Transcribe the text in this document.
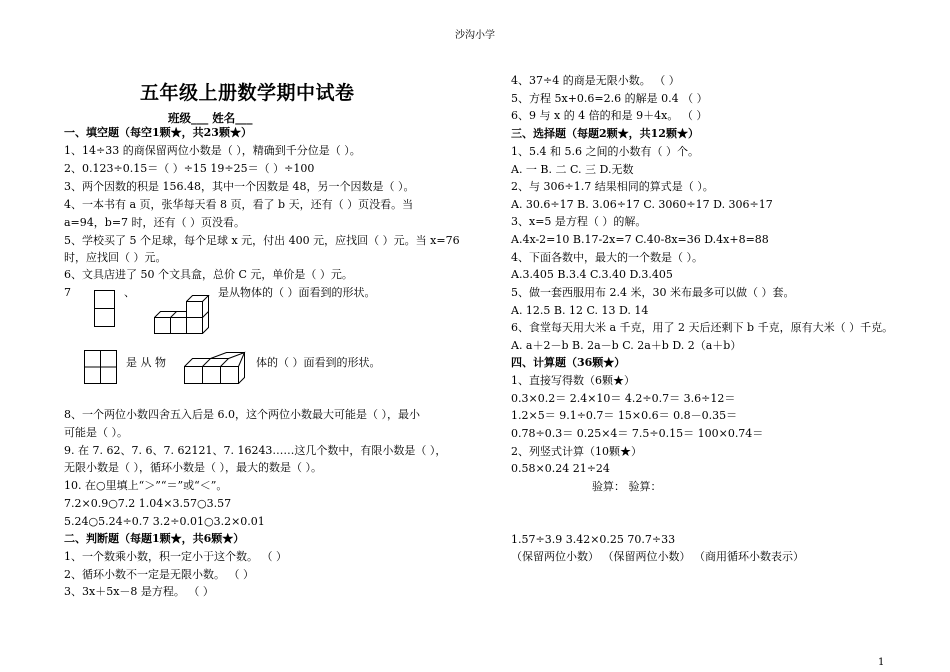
沙沟小学
五年级上册数学期中试卷
班级___ 姓名___
一、填空题（每空1颗★，共23颗★）
1、14÷33 的商保留两位小数是（ ），精确到千分位是（ ）。
2、0.123÷0.15＝（ ）÷15 19÷25＝（ ）÷100
3、两个因数的积是 156.48，其中一个因数是 48，另一个因数是（ ）。
4、一本书有 a 页，张华每天看 8 页，看了 b 天，还有（ ）页没看。当
a=94，b=7 时，还有（ ）页没看。
5、学校买了 5 个足球，每个足球 x 元，付出 400 元，应找回（ ）元。当 x=76
时，应找回（ ）元。
6、文具店进了 50 个文具盒，总价 C 元，单价是（ ）元。
7	、	是从物体的（ ）面看到的形状。
是 从 物	体的（ ）面看到的形状。
8、一个两位小数四舍五入后是 6.0，这个两位小数最大可能是（ ），最小
可能是（ ）。
9. 在 7. 62、7. 6、7. 62121、7. 16243……这几个数中，有限小数是（ ），
无限小数是（ ），循环小数是（ ），最大的数是（ ）。
10. 在○里填上“＞”“＝”或“＜”。
7.2×0.9○7.2 1.04×3.57○3.57
5.24○5.24÷0.7 3.2÷0.01○3.2×0.01
二、判断题（每题1颗★，共6颗★）
1、一个数乘小数，积一定小于这个数。 （ ）
2、循环小数不一定是无限小数。 （ ）
3、3x＋5x－8 是方程。 （ ）
4、37÷4 的商是无限小数。 （ ）
5、方程 5x+0.6=2.6 的解是 0.4 （ ）
6、9 与 x 的 4 倍的和是 9＋4x。 （ ）
三、选择题（每题2颗★，共12颗★）
1、5.4 和 5.6 之间的小数有（ ）个。
A. 一 B. 二 C. 三 D.无数
2、与 306÷1.7 结果相同的算式是（ ）。
A. 30.6÷17 B. 3.06÷17 C. 3060÷17 D. 306÷17
3、x=5 是方程（ ）的解。
A.4x-2=10 B.17-2x=7 C.40-8x=36 D.4x+8=88
4、下面各数中，最大的一个数是（ ）。
A.3.405 B.3.4 C.3.40 D.3.405
5、做一套西服用布 2.4 米，30 米布最多可以做（ ）套。
A. 12.5 B. 12 C. 13 D. 14
6、食堂每天用大米 a 千克，用了 2 天后还剩下 b 千克，原有大米（ ）千克。
A. a＋2－b B. 2a－b C. 2a＋b D. 2（a＋b）
四、计算题（36颗★）
1、直接写得数（6颗★）
0.3×0.2＝ 2.4×10＝ 4.2÷0.7＝ 3.6÷12＝
1.2×5＝ 9.1÷0.7＝ 15×0.6＝ 0.8－0.35＝
0.78÷0.3＝ 0.25×4＝ 7.5÷0.15＝ 100×0.74＝
2、列竖式计算（10颗★）
0.58×0.24 21÷24
验算： 验算：
1.57÷3.9 3.42×0.25 70.7÷33
（保留两位小数） （保留两位小数） （商用循环小数表示）
1
